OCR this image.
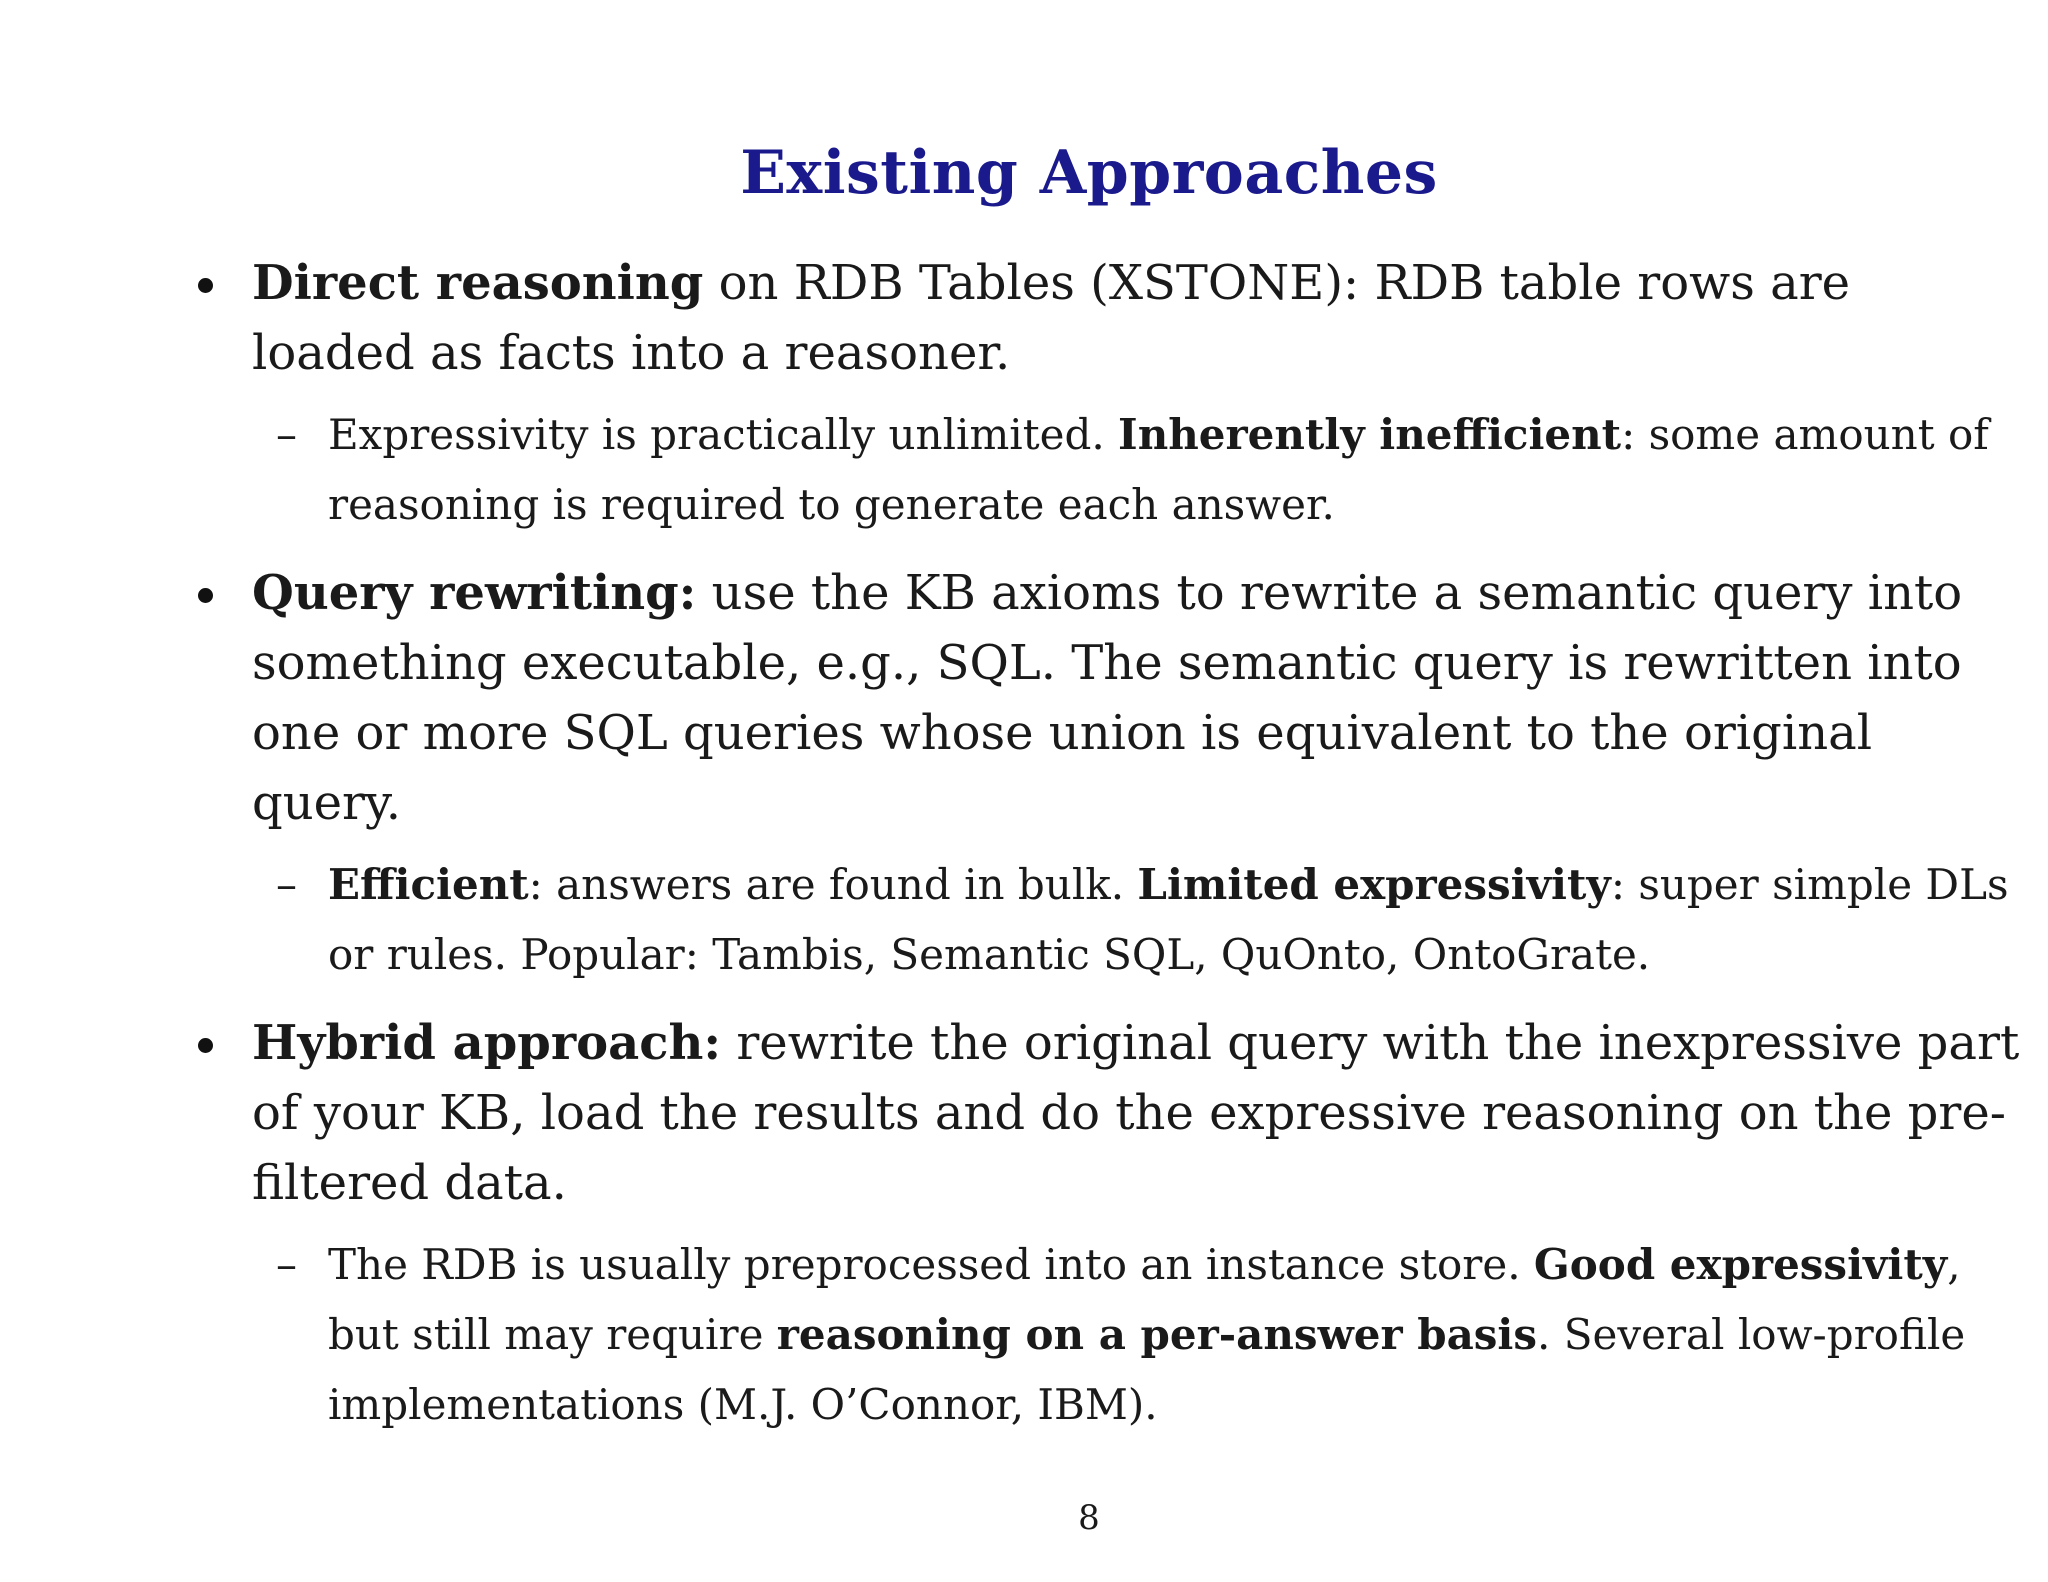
Existing Approaches
Direct reasoning on RDB Tables (XSTONE): RDB table rows are loaded as facts into a reasoner.
– Expressivity is practically unlimited. Inherently inefficient: some amount of reasoning is required to generate each answer.
Query rewriting: use the KB axioms to rewrite a semantic query into something executable, e.g., SQL. The semantic query is rewritten into one or more SQL queries whose union is equivalent to the original query.
– Efficient: answers are found in bulk. Limited expressivity: super simple DLs or rules. Popular: Tambis, Semantic SQL, QuOnto, OntoGrate.
Hybrid approach: rewrite the original query with the inexpressive part of your KB, load the results and do the expressive reasoning on the pre-filtered data.
– The RDB is usually preprocessed into an instance store. Good expressivity, but still may require reasoning on a per-answer basis. Several low-profile implementations (M.J. O’Connor, IBM).
8
